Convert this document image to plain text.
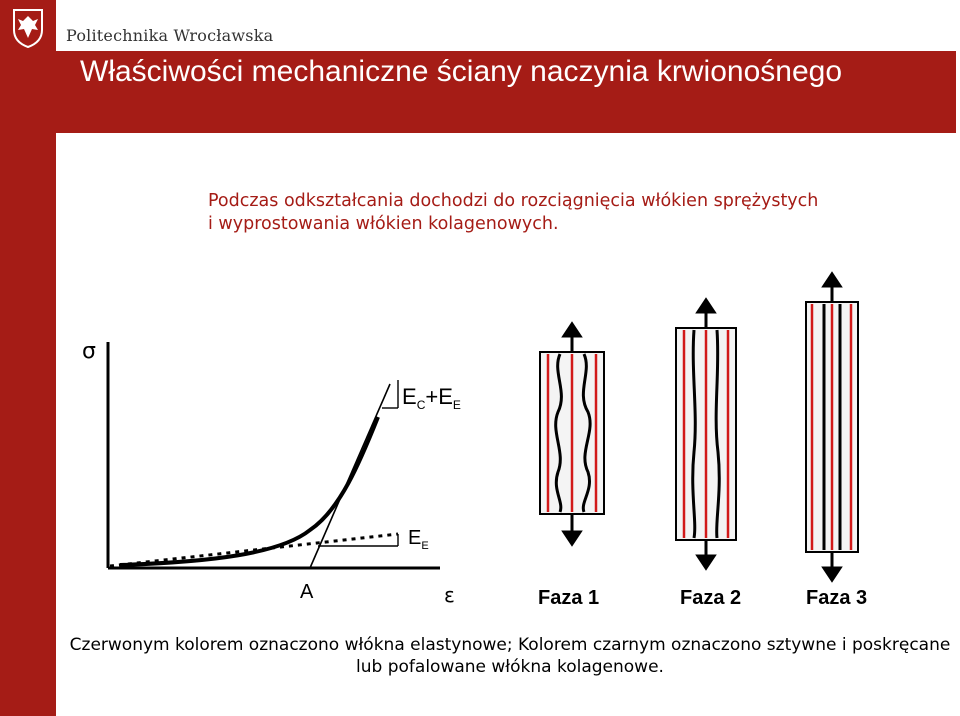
Politechnika Wrocławska
Właściwości mechaniczne ściany naczynia krwionośnego
Podczas odkształcania dochodzi do rozciągnięcia włókien sprężystych i wyprostowania włókien kolagenowych.
σ
ε
A
$E_C+E_E$
$E_E$
Faza 1	Faza 2	Faza 3
Czerwonym kolorem oznaczono włókna elastynowe; Kolorem czarnym oznaczono sztywne i poskręcane lub pofalowane włókna kolagenowe.
